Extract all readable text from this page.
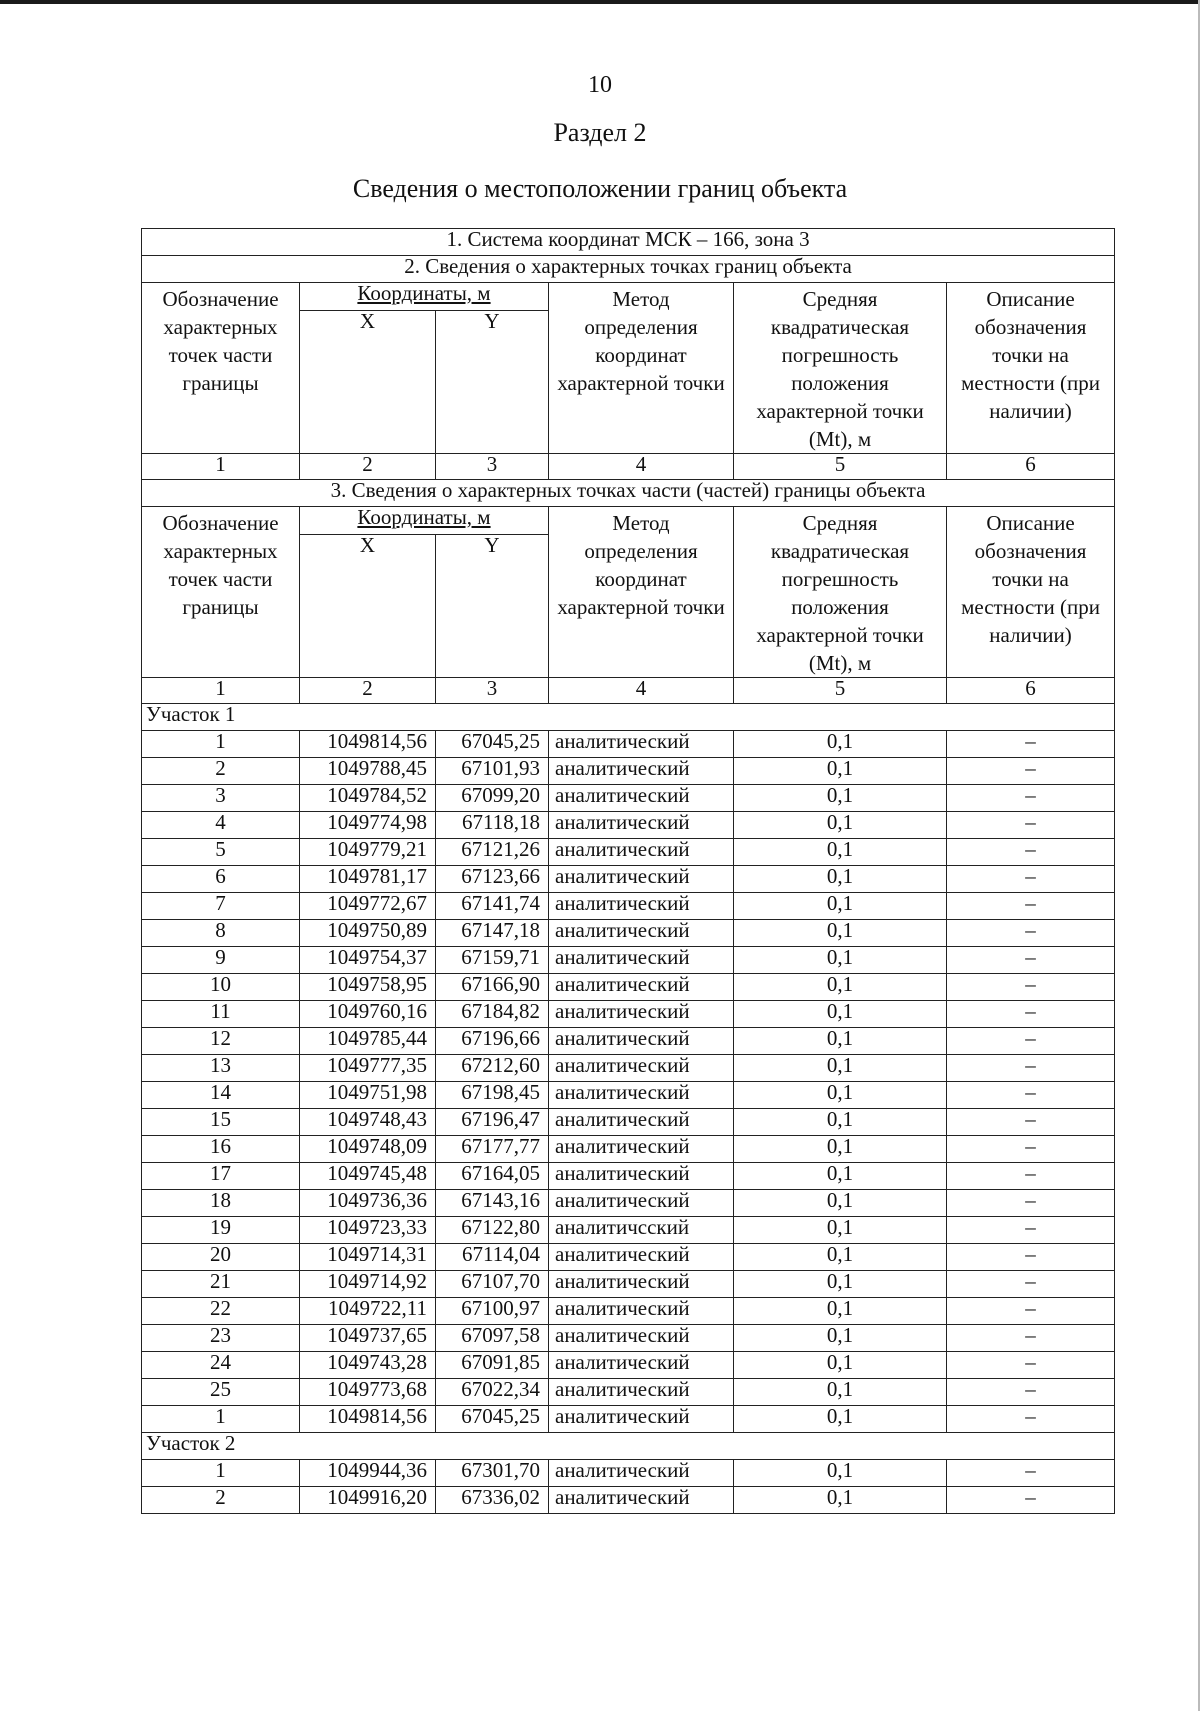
10
Раздел 2
Сведения о местоположении границ объекта
1. Система координат МСК – 166, зона 3					
2. Сведения о характерных точках границ объекта					
Обозначение характерных точек части границы	Координаты, м		Метод определения координат характерной точки	Средняя квадратическая погрешность положения характерной точки (Mt), м	Описание обозначения точки на местности (при наличии)
	X	Y			
1	2	3	4	5	6
3. Сведения о характерных точках части (частей) границы объекта					
Обозначение характерных точек части границы	Координаты, м		Метод определения координат характерной точки	Средняя квадратическая погрешность положения характерной точки (Mt), м	Описание обозначения точки на местности (при наличии)
	X	Y			
1	2	3	4	5	6
Участок 1					
1	1049814,56	67045,25	аналитический	0,1	–
2	1049788,45	67101,93	аналитический	0,1	–
3	1049784,52	67099,20	аналитический	0,1	–
4	1049774,98	67118,18	аналитический	0,1	–
5	1049779,21	67121,26	аналитический	0,1	–
6	1049781,17	67123,66	аналитический	0,1	–
7	1049772,67	67141,74	аналитический	0,1	–
8	1049750,89	67147,18	аналитический	0,1	–
9	1049754,37	67159,71	аналитический	0,1	–
10	1049758,95	67166,90	аналитический	0,1	–
11	1049760,16	67184,82	аналитический	0,1	–
12	1049785,44	67196,66	аналитический	0,1	–
13	1049777,35	67212,60	аналитический	0,1	–
14	1049751,98	67198,45	аналитический	0,1	–
15	1049748,43	67196,47	аналитический	0,1	–
16	1049748,09	67177,77	аналитический	0,1	–
17	1049745,48	67164,05	аналитический	0,1	–
18	1049736,36	67143,16	аналитический	0,1	–
19	1049723,33	67122,80	аналитичсский	0,1	–
20	1049714,31	67114,04	аналитический	0,1	–
21	1049714,92	67107,70	аналитический	0,1	–
22	1049722,11	67100,97	аналитический	0,1	–
23	1049737,65	67097,58	аналитический	0,1	–
24	1049743,28	67091,85	аналитический	0,1	–
25	1049773,68	67022,34	аналитический	0,1	–
1	1049814,56	67045,25	аналитический	0,1	–
Участок 2					
1	1049944,36	67301,70	аналитический	0,1	–
2	1049916,20	67336,02	аналитический	0,1	–
